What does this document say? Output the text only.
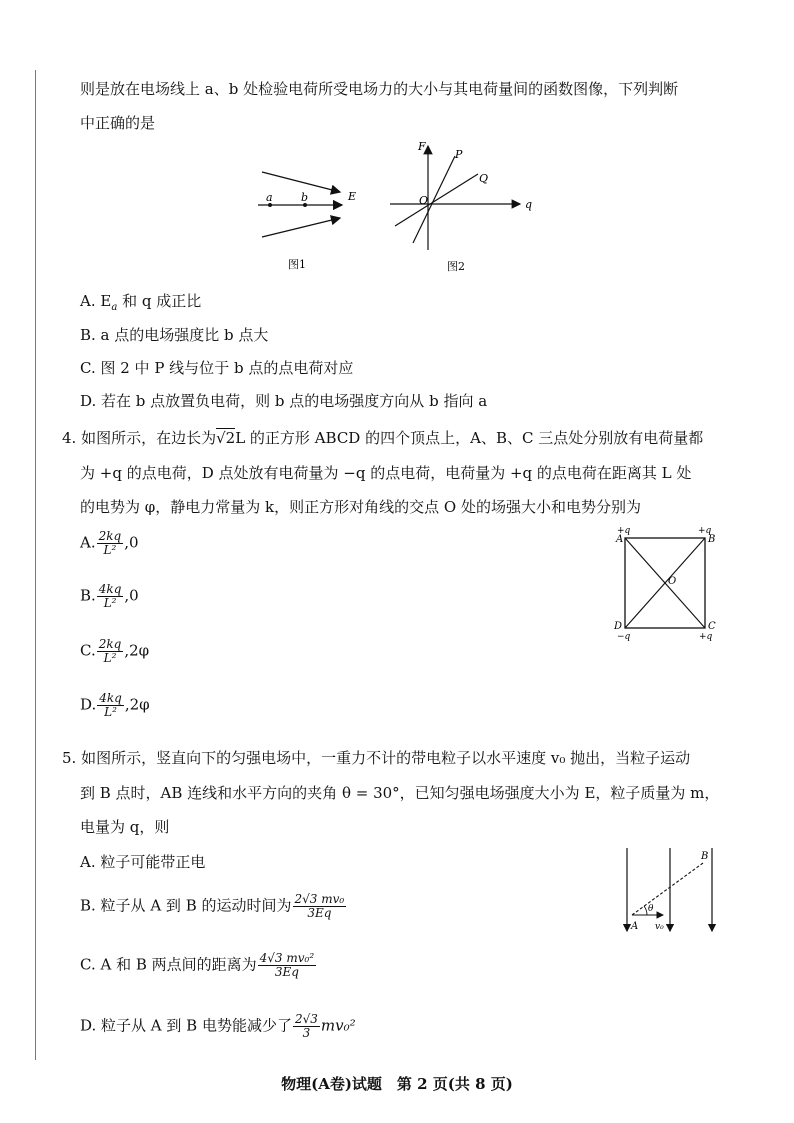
则是放在电场线上 a、b 处检验电荷所受电场力的大小与其电荷量间的函数图像，下列判断
中正确的是
a	b	E
图1
F
P
Q
O	q
图2
A. $E_a$ 和 q 成正比
B. a 点的电场强度比 b 点大
C. 图 2 中 P 线与位于 b 点的点电荷对应
D. 若在 b 点放置负电荷，则 b 点的电场强度方向从 b 指向 a
4. 如图所示，在边长为√2L 的正方形 ABCD 的四个顶点上，A、B、C 三点处分别放有电荷量都
为 +q 的点电荷，D 点处放有电荷量为 −q 的点电荷，电荷量为 +q 的点电荷在距离其 L 处
的电势为 φ，静电力常量为 k，则正方形对角线的交点 O 处的场强大小和电势分别为
A. $\frac{2kq}{\text{L²}} ,0$
B. $\frac{4kq}{\text{L²}} ,0$
C. $\frac{2kq}{\text{L²}} ,2\varphi$
D. $\frac{4kq}{\text{L²}} ,2\varphi$
A	B
C
D
O
+q	+q
+q
−q
5. 如图所示，竖直向下的匀强电场中，一重力不计的带电粒子以水平速度 v₀ 抛出，当粒子运动
到 B 点时，AB 连线和水平方向的夹角 θ = 30°，已知匀强电场强度大小为 E，粒子质量为 m，
电量为 q，则
A. 粒子可能带正电
B. 粒子从 A 到 B 的运动时间为 $\frac{\text{2√3 mv₀}}{3Eq}$
C. A 和 B 两点间的距离为 $\frac{\text{4√3 mv₀²}}{3Eq}$
D. 粒子从 A 到 B 电势能减少了 $\frac{2√3}{3} mv_0^2$
θ
A
B
v₀
物理(A卷)试题　第 2 页(共 8 页)
